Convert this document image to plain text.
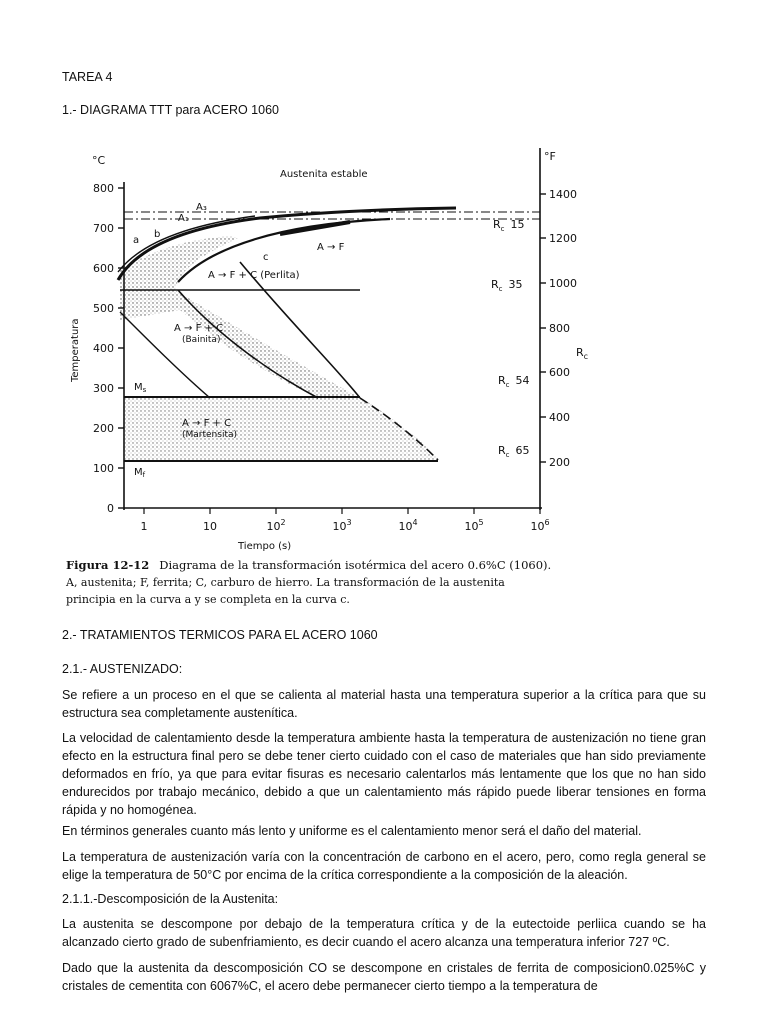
TAREA 4

1.- DIAGRAMA TTT para ACERO 1060

°C	°F
Austenita estable
Temperatura
Tiempo (s)
800
700
600
500
400
300
200
100
0
1400
1200
1000
800
600
400
200
1	10	$10^2$	$10^3$	$10^4$	$10^5$	$10^6$
$R_c$
A₃
A₁
a
b
c
$M_s$
$M_f$
A → F
A → F + C (Perlita)
A → F + C
(Bainita)
A → F + C
(Martensita)
$R_c$ 15
$R_c$ 35
$R_c$ 54
$R_c$ 65
Figura 12-12 Diagrama de la transformación isotérmica del acero 0.6%C (1060).
A, austenita; F, ferrita; C, carburo de hierro. La transformación de la austenita
principia en la curva a y se completa en la curva c.

2.- TRATAMIENTOS TERMICOS PARA EL ACERO 1060

2.1.- AUSTENIZADO:

Se refiere a un proceso en el que se calienta al material hasta una temperatura superior a la crítica para que su estructura sea completamente austenítica.

La velocidad de calentamiento desde la temperatura ambiente hasta la temperatura de austenización no tiene gran efecto en la estructura final pero se debe tener cierto cuidado con el caso de materiales que han sido previamente deformados en frío, ya que para evitar fisuras es necesario calentarlos más lentamente que los que no han sido endurecidos por trabajo mecánico, debido a que un calentamiento más rápido puede liberar tensiones en forma rápida y no homogénea.

En términos generales cuanto más lento y uniforme es el calentamiento menor será el daño del material.

La temperatura de austenización varía con la concentración de carbono en el acero, pero, como regla general se elige la temperatura de 50°C por encima de la crítica correspondiente a la composición de la aleación.

2.1.1.-Descomposición de la Austenita:

La austenita se descompone por debajo de la temperatura crítica y de la eutectoide perliica cuando se ha alcanzado cierto grado de subenfriamiento, es decir cuando el acero alcanza una temperatura inferior 727 ºC.

Dado que la austenita da descomposición CO se descompone en cristales de ferrita de composicion0.025%C y cristales de cementita con 6067%C, el acero debe permanecer cierto tiempo a la temperatura de
